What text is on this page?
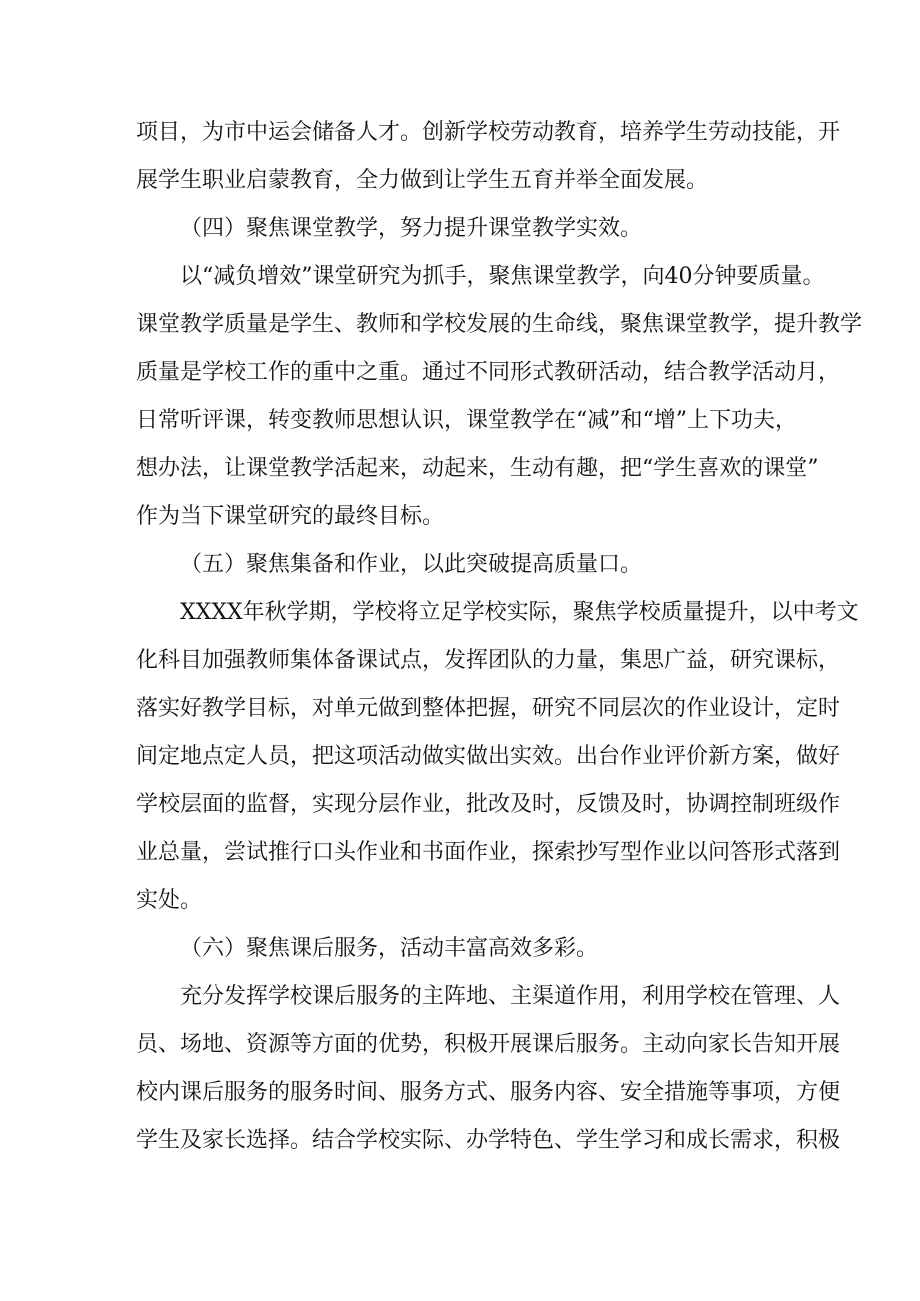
项目，为市中运会储备人才。创新学校劳动教育，培养学生劳动技能，开
展学生职业启蒙教育，全力做到让学生五育并举全面发展。
（四）聚焦课堂教学，努力提升课堂教学实效。
以“减负增效”课堂研究为抓手，聚焦课堂教学，向40分钟要质量。
课堂教学质量是学生、教师和学校发展的生命线，聚焦课堂教学，提升教学
质量是学校工作的重中之重。通过不同形式教研活动，结合教学活动月，
日常听评课，转变教师思想认识，课堂教学在“减”和“增”上下功夫，
想办法，让课堂教学活起来，动起来，生动有趣，把“学生喜欢的课堂”
作为当下课堂研究的最终目标。
（五）聚焦集备和作业，以此突破提高质量口。
XXXX年秋学期，学校将立足学校实际，聚焦学校质量提升，以中考文
化科目加强教师集体备课试点，发挥团队的力量，集思广益，研究课标，
落实好教学目标，对单元做到整体把握，研究不同层次的作业设计，定时
间定地点定人员，把这项活动做实做出实效。出台作业评价新方案，做好
学校层面的监督，实现分层作业，批改及时，反馈及时，协调控制班级作
业总量，尝试推行口头作业和书面作业，探索抄写型作业以问答形式落到
实处。
（六）聚焦课后服务，活动丰富高效多彩。
充分发挥学校课后服务的主阵地、主渠道作用，利用学校在管理、人
员、场地、资源等方面的优势，积极开展课后服务。主动向家长告知开展
校内课后服务的服务时间、服务方式、服务内容、安全措施等事项，方便
学生及家长选择。结合学校实际、办学特色、学生学习和成长需求，积极
